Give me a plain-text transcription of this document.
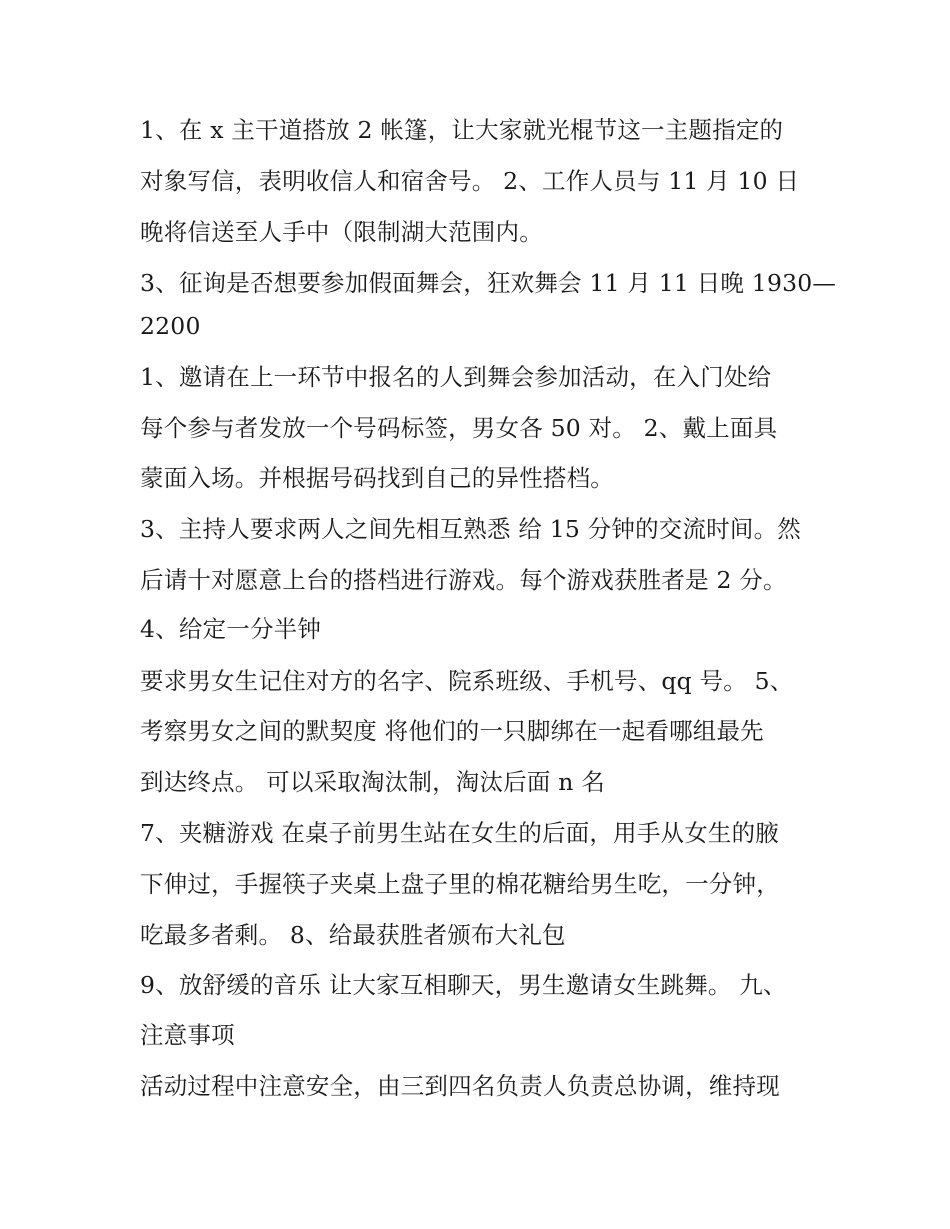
1、在 x 主干道搭放 2 帐篷，让大家就光棍节这一主题指定的
对象写信，表明收信人和宿舍号。 2、工作人员与 11 月 10 日
晚将信送至人手中（限制湖大范围内。
3、征询是否想要参加假面舞会，狂欢舞会 11 月 11 日晚 1930—
2200
1、邀请在上一环节中报名的人到舞会参加活动，在入门处给
每个参与者发放一个号码标签，男女各 50 对。 2、戴上面具
蒙面入场。并根据号码找到自己的异性搭档。
3、主持人要求两人之间先相互熟悉 给 15 分钟的交流时间。然
后请十对愿意上台的搭档进行游戏。每个游戏获胜者是 2 分。
4、给定一分半钟
要求男女生记住对方的名字、院系班级、手机号、qq 号。 5、
考察男女之间的默契度 将他们的一只脚绑在一起看哪组最先
到达终点。 可以采取淘汰制，淘汰后面 n 名
7、夹糖游戏 在桌子前男生站在女生的后面，用手从女生的腋
下伸过，手握筷子夹桌上盘子里的棉花糖给男生吃，一分钟，
吃最多者剩。 8、给最获胜者颁布大礼包
9、放舒缓的音乐 让大家互相聊天，男生邀请女生跳舞。 九、
注意事项
活动过程中注意安全，由三到四名负责人负责总协调，维持现
